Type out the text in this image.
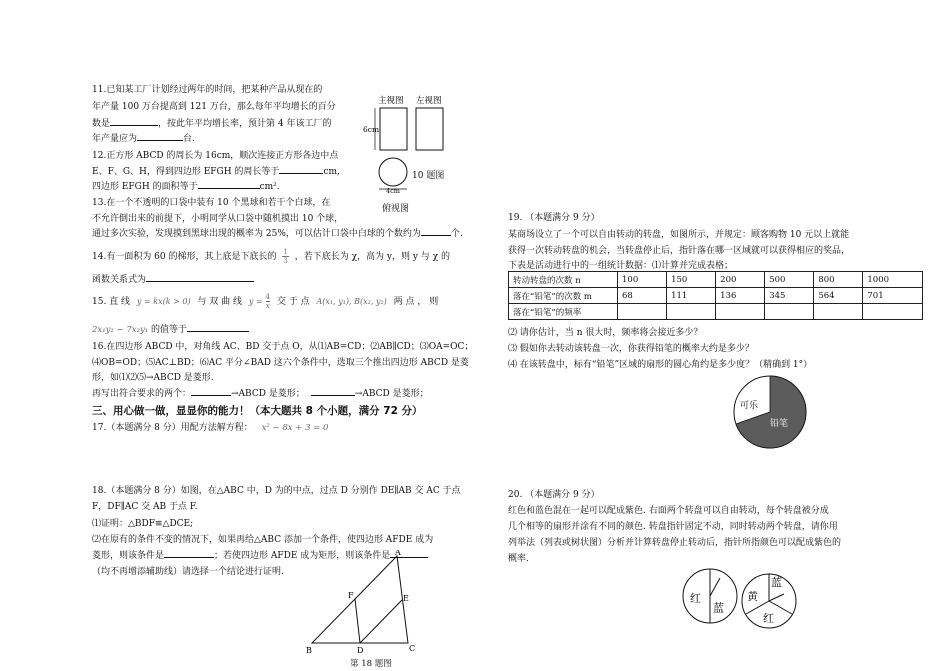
11.已知某工厂计划经过两年的时间，把某种产品从现在的
年产量 100 万台提高到 121 万台，那么每年平均增长的百分
数是	，按此年平均增长率，预计第 4 年该工厂的
年产量应为	台.
12.正方形 ABCD 的周长为 16cm，顺次连接正方形各边中点
E、F、G、H，得到四边形 EFGH 的周长等于	cm,
四边形 EFGH 的面积等于	cm².
主视图 左视图
6cm
4cm
10 题图
俯视图
13.在一个不透明的口袋中装有 10 个黑球和若干个白球，在
不允许倒出来的前提下，小明同学从口袋中随机摸出 10 个球，
通过多次实验，发现摸到黑球出现的概率为 25%，可以估计口袋中白球的个数约为	个.
14.有一面积为 60 的梯形，其上底是下底长的 $\frac{1}{3}$ ，若下底长为 χ，高为 y，则 y 与 χ 的
函数关系式为
15. 直 线 y = kx(k > 0) 与 双 曲 线 $y = \frac{4}{x}$ 交 于 点 A(x₁, y₁), B(x₂, y₂) 两 点 ， 则
2x₁y₂ − 7x₂y₁ 的值等于
16.在四边形 ABCD 中，对角线 AC、BD 交于点 O，从⑴AB=CD；⑵AB∥CD；⑶OA=OC；
⑷OB=OD；⑸AC⊥BD；⑹AC 平分∠BAD 这六个条件中，选取三个推出四边形 ABCD 是菱
形，如⑴⑵⑸→ABCD 是菱形.
再写出符合要求的两个：	→ABCD 是菱形；	→ABCD 是菱形；
三、用心做一做，显显你的能力！（本大题共 8 个小题，满分 72 分）
17.（本题满分 8 分）用配方法解方程： x² − 8x + 3 = 0
18.（本题满分 8 分）如图，在△ABC 中，D 为的中点，过点 D 分别作 DE∥AB 交 AC 于点
F，DF∥AC 交 AB 于点 F.
⑴证明：△BDF≌△DCE;
⑵在原有的条件不变的情况下，如果再给△ABC 添加一个条件，使四边形 AFDE 成为
菱形，则该条件是	；若使四边形 AFDE 成为矩形，则该条件是
（均不再增添辅助线）请选择一个结论进行证明.
A
B	C
D
E
F
第 18 题图
19. （本题满分 9 分）
某商场设立了一个可以自由转动的转盘，如图所示，并规定：顾客购物 10 元以上就能
获得一次转动转盘的机会，当转盘停止后，指针落在哪一区域就可以获得相应的奖品，
下表是活动进行中的一组统计数据：⑴计算并完成表格；
转动转盘的次数 n	100	150	200	500	800	1000
落在“铅笔”的次数 m	68	111	136	345	564	701
落在“铅笔”的频率						
⑵ 请你估计，当 n 很大时，频率将会接近多少？
⑶ 假如你去转动该转盘一次，你获得铅笔的概率大约是多少？
⑷ 在该转盘中，标有“铅笔”区域的扇形的圆心角约是多少度？（精确到 1°）
可乐
铅笔
20. （本题满分 9 分）
红色和蓝色混在一起可以配成紫色. 右面两个转盘可以自由转动，每个转盘被分成
几个相等的扇形并涂有不同的颜色. 转盘指针固定不动，同时转动两个转盘，请你用
列举法（列表或树状图）分析并计算转盘停止转动后，指针所指颜色可以配成紫色的
概率.
红
蓝
黄
蓝
红
